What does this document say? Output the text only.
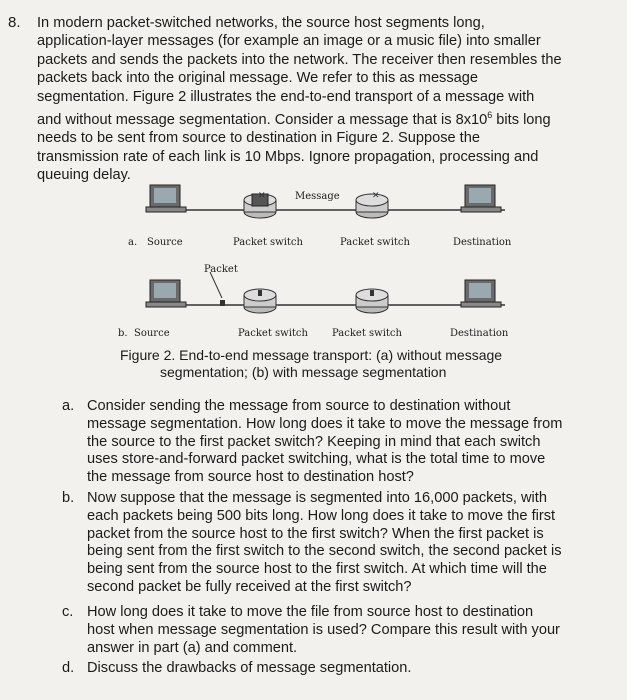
8. In modern packet-switched networks, the source host segments long,
application-layer messages (for example an image or a music file) into smaller
packets and sends the packets into the network. The receiver then resembles the
packets back into the original message. We refer to this as message
segmentation. Figure 2 illustrates the end-to-end transport of a message with
and without message segmentation. Consider a message that is $8x10^6$ bits long
needs to be sent from source to destination in Figure 2. Suppose the
transmission rate of each link is 10 Mbps. Ignore propagation, processing and
queuing delay.
✕	✕
Message
a. Source	Packet switch	Packet switch	Destination
Packet
b. Source	Packet switch Packet switch	Destination
Figure 2. End-to-end message transport: (a) without message
segmentation; (b) with message segmentation
a. Consider sending the message from source to destination without
message segmentation. How long does it take to move the message from
the source to the first packet switch? Keeping in mind that each switch
uses store-and-forward packet switching, what is the total time to move
the message from source host to destination host?
b. Now suppose that the message is segmented into 16,000 packets, with
each packets being 500 bits long. How long does it take to move the first
packet from the source host to the first switch? When the first packet is
being sent from the first switch to the second switch, the second packet is
being sent from the source host to the first switch. At which time will the
second packet be fully received at the first switch?
c. How long does it take to move the file from source host to destination
host when message segmentation is used? Compare this result with your
answer in part (a) and comment.
d. Discuss the drawbacks of message segmentation.
